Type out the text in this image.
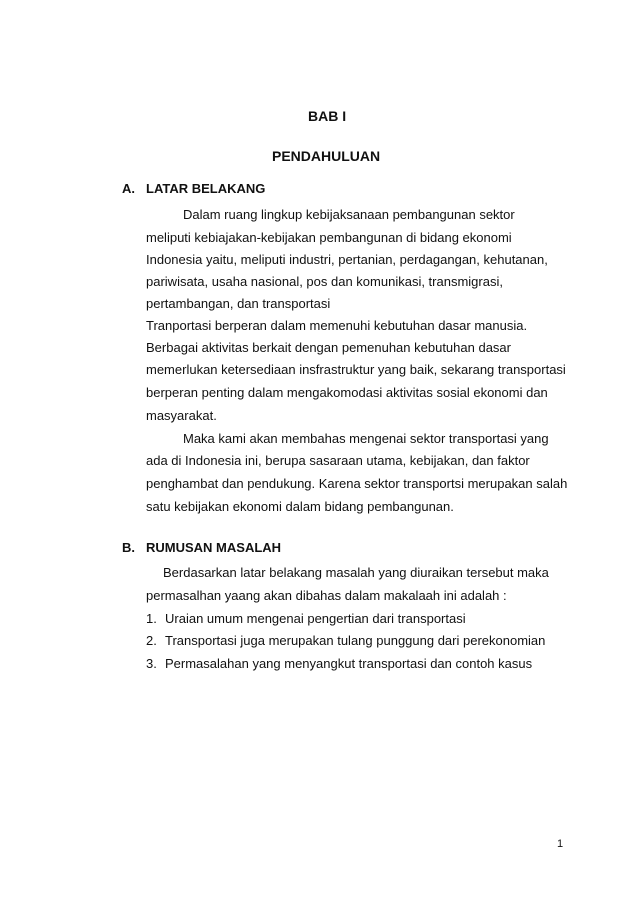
BAB I
PENDAHULUAN
A. LATAR BELAKANG
Dalam ruang lingkup kebijaksanaan pembangunan sektor
meliputi kebiajakan-kebijakan pembangunan di bidang ekonomi
Indonesia yaitu, meliputi industri, pertanian, perdagangan, kehutanan,
pariwisata, usaha nasional, pos dan komunikasi, transmigrasi,
pertambangan, dan transportasi
Tranportasi berperan dalam memenuhi kebutuhan dasar manusia.
Berbagai aktivitas berkait dengan pemenuhan kebutuhan dasar
memerlukan ketersediaan insfrastruktur yang baik, sekarang transportasi
berperan penting dalam mengakomodasi aktivitas sosial ekonomi dan
masyarakat.
Maka kami akan membahas mengenai sektor transportasi yang
ada di Indonesia ini, berupa sasaraan utama, kebijakan, dan faktor
penghambat dan pendukung. Karena sektor transportsi merupakan salah
satu kebijakan ekonomi dalam bidang pembangunan.
B. RUMUSAN MASALAH
Berdasarkan latar belakang masalah yang diuraikan tersebut maka
permasalhan yaang akan dibahas dalam makalaah ini adalah :
1. Uraian umum mengenai pengertian dari transportasi
2. Transportasi juga merupakan tulang punggung dari perekonomian
3. Permasalahan yang menyangkut transportasi dan contoh kasus
1
